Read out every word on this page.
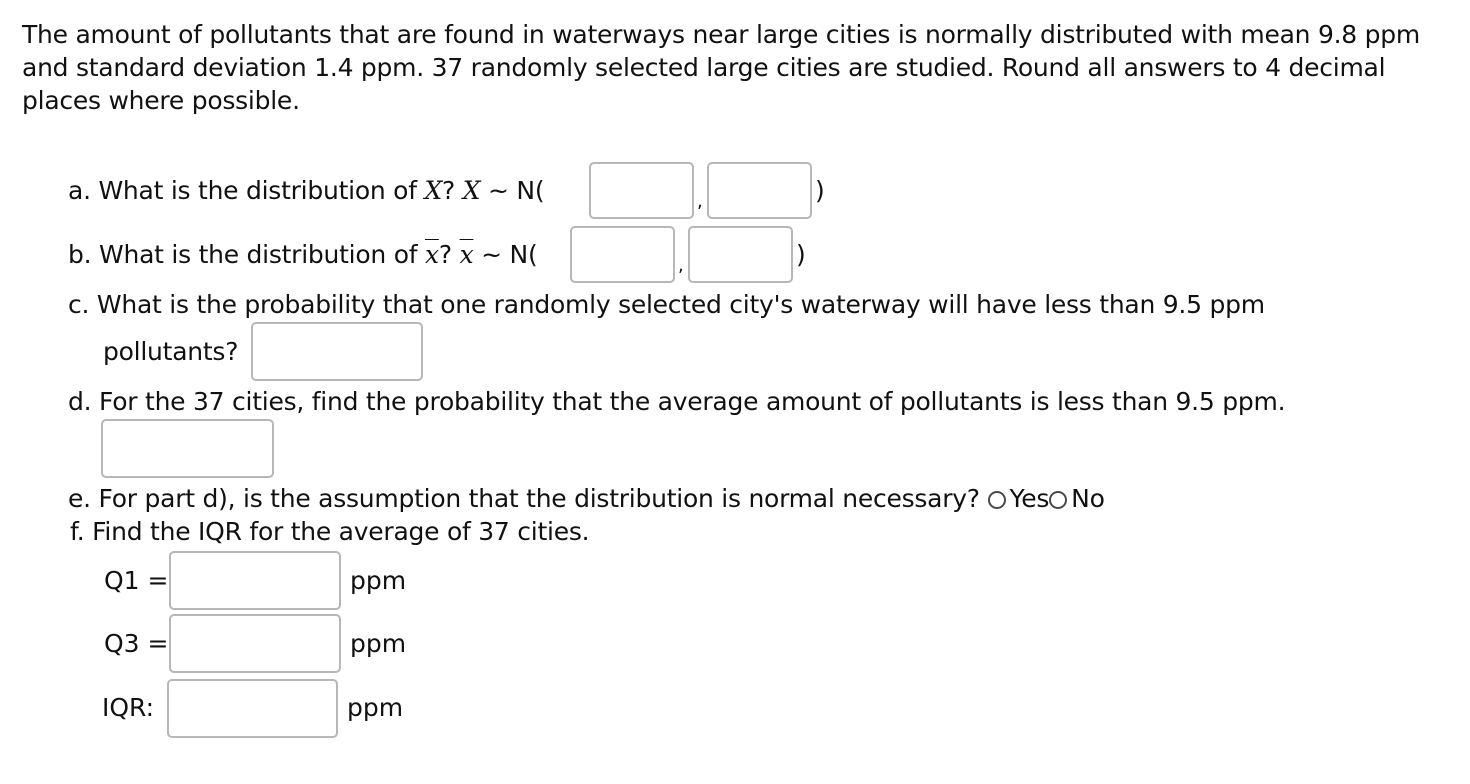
The amount of pollutants that are found in waterways near large cities is normally distributed with mean 9.8 ppm and standard deviation 1.4 ppm. 37 randomly selected large cities are studied. Round all answers to 4 decimal places where possible.
a. What is the distribution of X? X ~ N(	,	)
b. What is the distribution of $\overline{x}$? $\overline{x}$ ~ N(	,	)
c. What is the probability that one randomly selected city's waterway will have less than 9.5 ppm
pollutants?
d. For the 37 cities, find the probability that the average amount of pollutants is less than 9.5 ppm.
e. For part d), is the assumption that the distribution is normal necessary? Yes No
f. Find the IQR for the average of 37 cities.
Q1 =	ppm
Q3 =	ppm
IQR:	ppm
